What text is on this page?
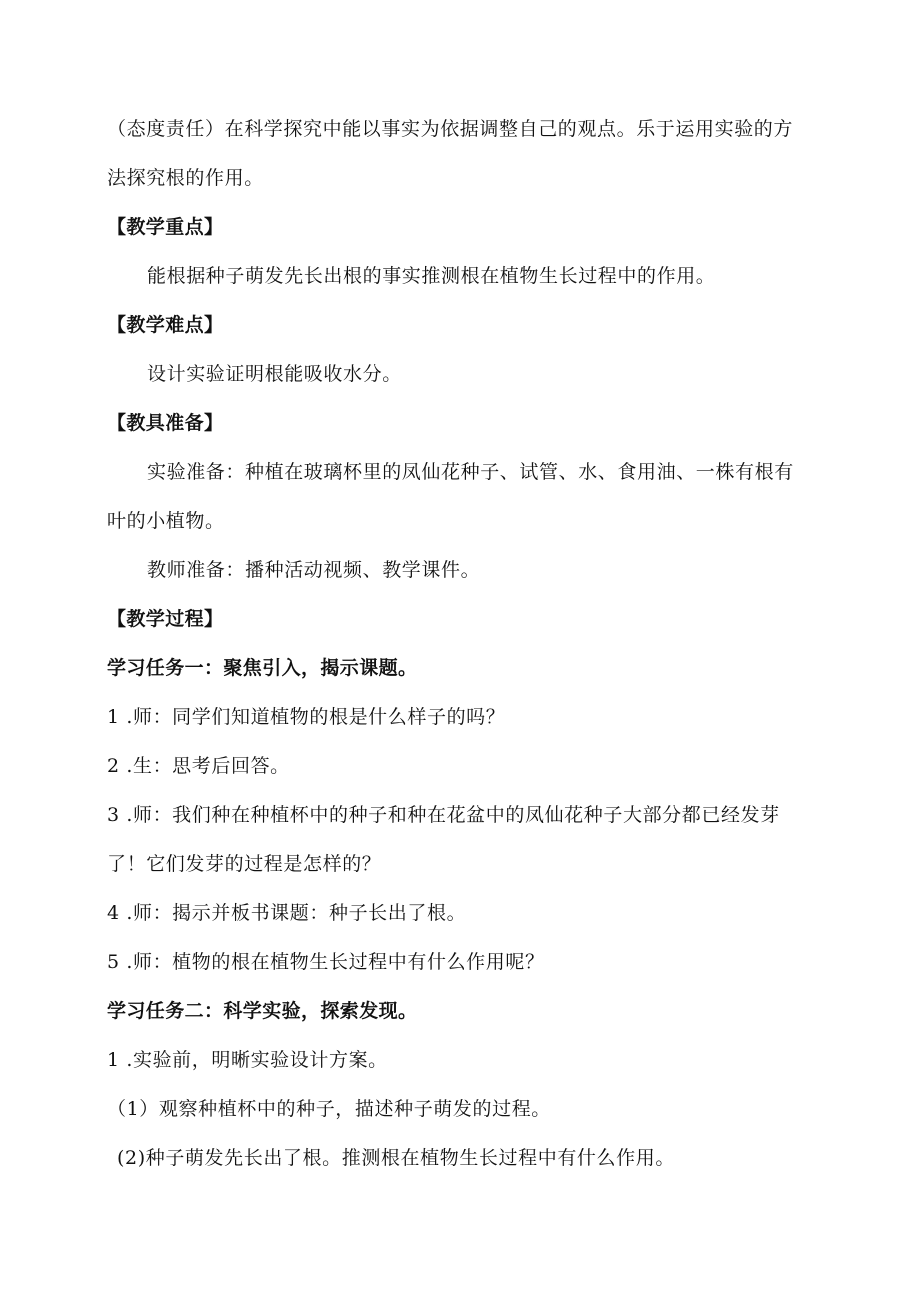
（态度责任）在科学探究中能以事实为依据调整自己的观点。乐于运用实验的方
法探究根的作用。
【教学重点】
能根据种子萌发先长出根的事实推测根在植物生长过程中的作用。
【教学难点】
设计实验证明根能吸收水分。
【教具准备】
实验准备：种植在玻璃杯里的凤仙花种子、试管、水、食用油、一株有根有
叶的小植物。
教师准备：播种活动视频、教学课件。
【教学过程】
学习任务一：聚焦引入，揭示课题。
1 .师：同学们知道植物的根是什么样子的吗？
2 .生：思考后回答。
3 .师：我们种在种植杯中的种子和种在花盆中的凤仙花种子大部分都已经发芽
了！它们发芽的过程是怎样的？
4 .师：揭示并板书课题：种子长出了根。
5 .师：植物的根在植物生长过程中有什么作用呢？
学习任务二：科学实验，探索发现。
1 .实验前，明晰实验设计方案。
（1）观察种植杯中的种子，描述种子萌发的过程。
(2)种子萌发先长出了根。推测根在植物生长过程中有什么作用。
